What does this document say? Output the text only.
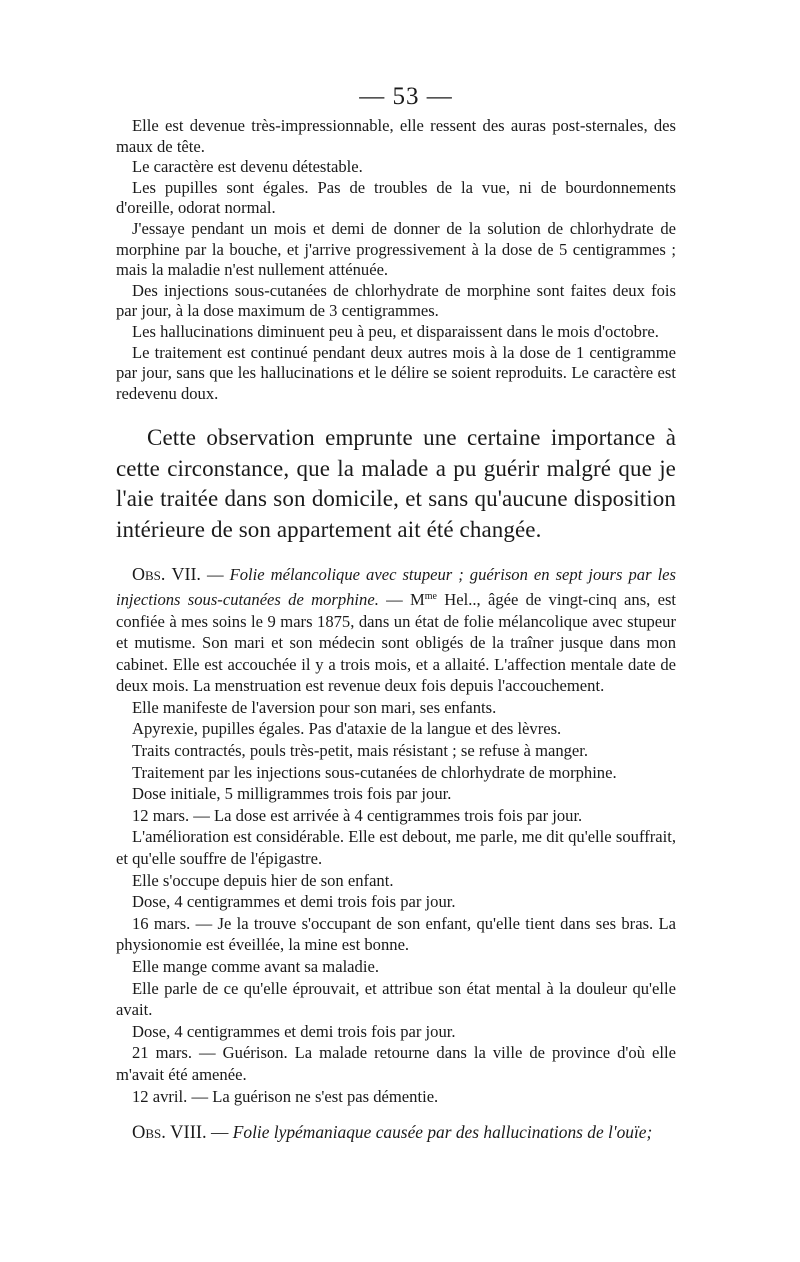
— 53 —

Elle est devenue très-impressionnable, elle ressent des auras post-sternales, des maux de tête.

Le caractère est devenu détestable.

Les pupilles sont égales. Pas de troubles de la vue, ni de bourdonnements d'oreille, odorat normal.

J'essaye pendant un mois et demi de donner de la solution de chlorhydrate de morphine par la bouche, et j'arrive progressivement à la dose de 5 centigrammes ; mais la maladie n'est nullement atténuée.

Des injections sous-cutanées de chlorhydrate de morphine sont faites deux fois par jour, à la dose maximum de 3 centigrammes.

Les hallucinations diminuent peu à peu, et disparaissent dans le mois d'octobre.

Le traitement est continué pendant deux autres mois à la dose de 1 centigramme par jour, sans que les hallucinations et le délire se soient reproduits. Le caractère est redevenu doux.

Cette observation emprunte une certaine importance à cette circonstance, que la malade a pu guérir malgré que je l'aie traitée dans son domicile, et sans qu'aucune disposition intérieure de son appartement ait été changée.

Obs. VII. — Folie mélancolique avec stupeur ; guérison en sept jours par les injections sous-cutanées de morphine. — $M^{me}$ Hel.., âgée de vingt-cinq ans, est confiée à mes soins le 9 mars 1875, dans un état de folie mélancolique avec stupeur et mutisme. Son mari et son médecin sont obligés de la traîner jusque dans mon cabinet. Elle est accouchée il y a trois mois, et a allaité. L'affection mentale date de deux mois. La menstruation est revenue deux fois depuis l'accouchement.

Elle manifeste de l'aversion pour son mari, ses enfants.

Apyrexie, pupilles égales. Pas d'ataxie de la langue et des lèvres.

Traits contractés, pouls très-petit, mais résistant ; se refuse à manger.

Traitement par les injections sous-cutanées de chlorhydrate de morphine.

Dose initiale, 5 milligrammes trois fois par jour.

12 mars. — La dose est arrivée à 4 centigrammes trois fois par jour.

L'amélioration est considérable. Elle est debout, me parle, me dit qu'elle souffrait, et qu'elle souffre de l'épigastre.

Elle s'occupe depuis hier de son enfant.

Dose, 4 centigrammes et demi trois fois par jour.

16 mars. — Je la trouve s'occupant de son enfant, qu'elle tient dans ses bras. La physionomie est éveillée, la mine est bonne.

Elle mange comme avant sa maladie.

Elle parle de ce qu'elle éprouvait, et attribue son état mental à la douleur qu'elle avait.

Dose, 4 centigrammes et demi trois fois par jour.

21 mars. — Guérison. La malade retourne dans la ville de province d'où elle m'avait été amenée.

12 avril. — La guérison ne s'est pas démentie.

Obs. VIII. — Folie lypémaniaque causée par des hallucinations de l'ouïe;
